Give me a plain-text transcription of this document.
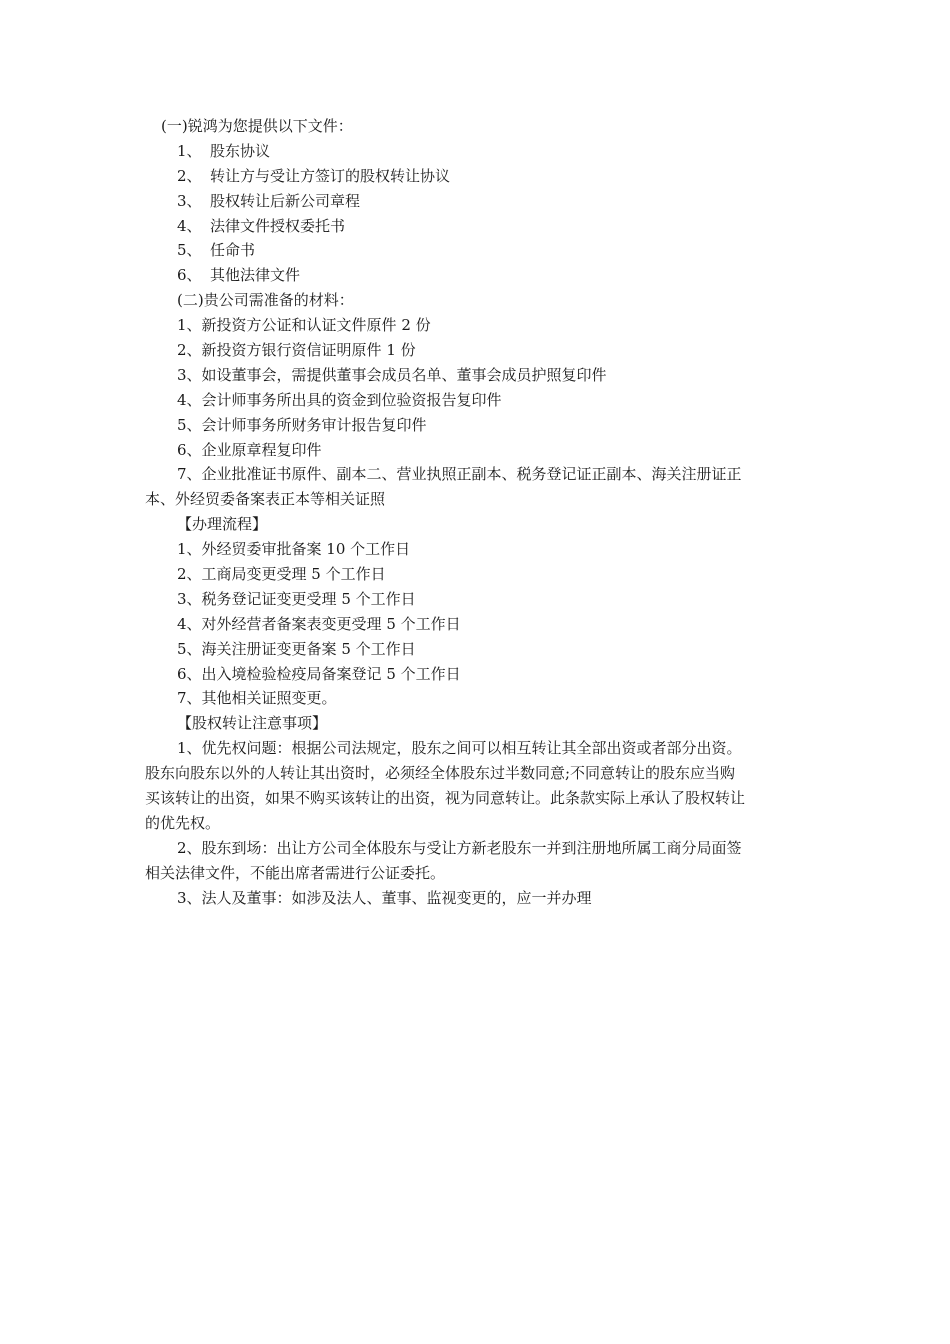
(一)锐鸿为您提供以下文件：
1、 股东协议
2、 转让方与受让方签订的股权转让协议
3、 股权转让后新公司章程
4、 法律文件授权委托书
5、 任命书
6、 其他法律文件
(二)贵公司需准备的材料：
1、新投资方公证和认证文件原件 2 份
2、新投资方银行资信证明原件 1 份
3、如设董事会，需提供董事会成员名单、董事会成员护照复印件
4、会计师事务所出具的资金到位验资报告复印件
5、会计师事务所财务审计报告复印件
6、企业原章程复印件
7、企业批准证书原件、副本二、营业执照正副本、税务登记证正副本、海关注册证正
本、外经贸委备案表正本等相关证照
【办理流程】
1、外经贸委审批备案 10 个工作日
2、工商局变更受理 5 个工作日
3、税务登记证变更受理 5 个工作日
4、对外经营者备案表变更受理 5 个工作日
5、海关注册证变更备案 5 个工作日
6、出入境检验检疫局备案登记 5 个工作日
7、其他相关证照变更。
【股权转让注意事项】
1、优先权问题：根据公司法规定，股东之间可以相互转让其全部出资或者部分出资。
股东向股东以外的人转让其出资时，必须经全体股东过半数同意;不同意转让的股东应当购
买该转让的出资，如果不购买该转让的出资，视为同意转让。此条款实际上承认了股权转让
的优先权。
2、股东到场：出让方公司全体股东与受让方新老股东一并到注册地所属工商分局面签
相关法律文件，不能出席者需进行公证委托。
3、法人及董事：如涉及法人、董事、监视变更的，应一并办理
